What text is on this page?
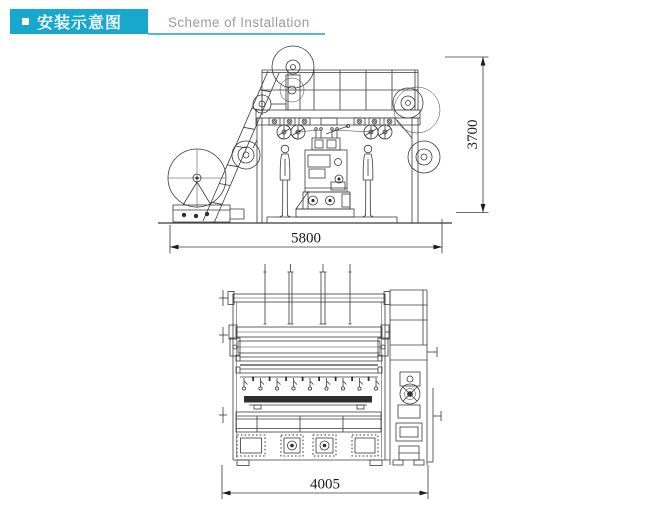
安装示意图	Scheme of Installation
5800
3700
4005
